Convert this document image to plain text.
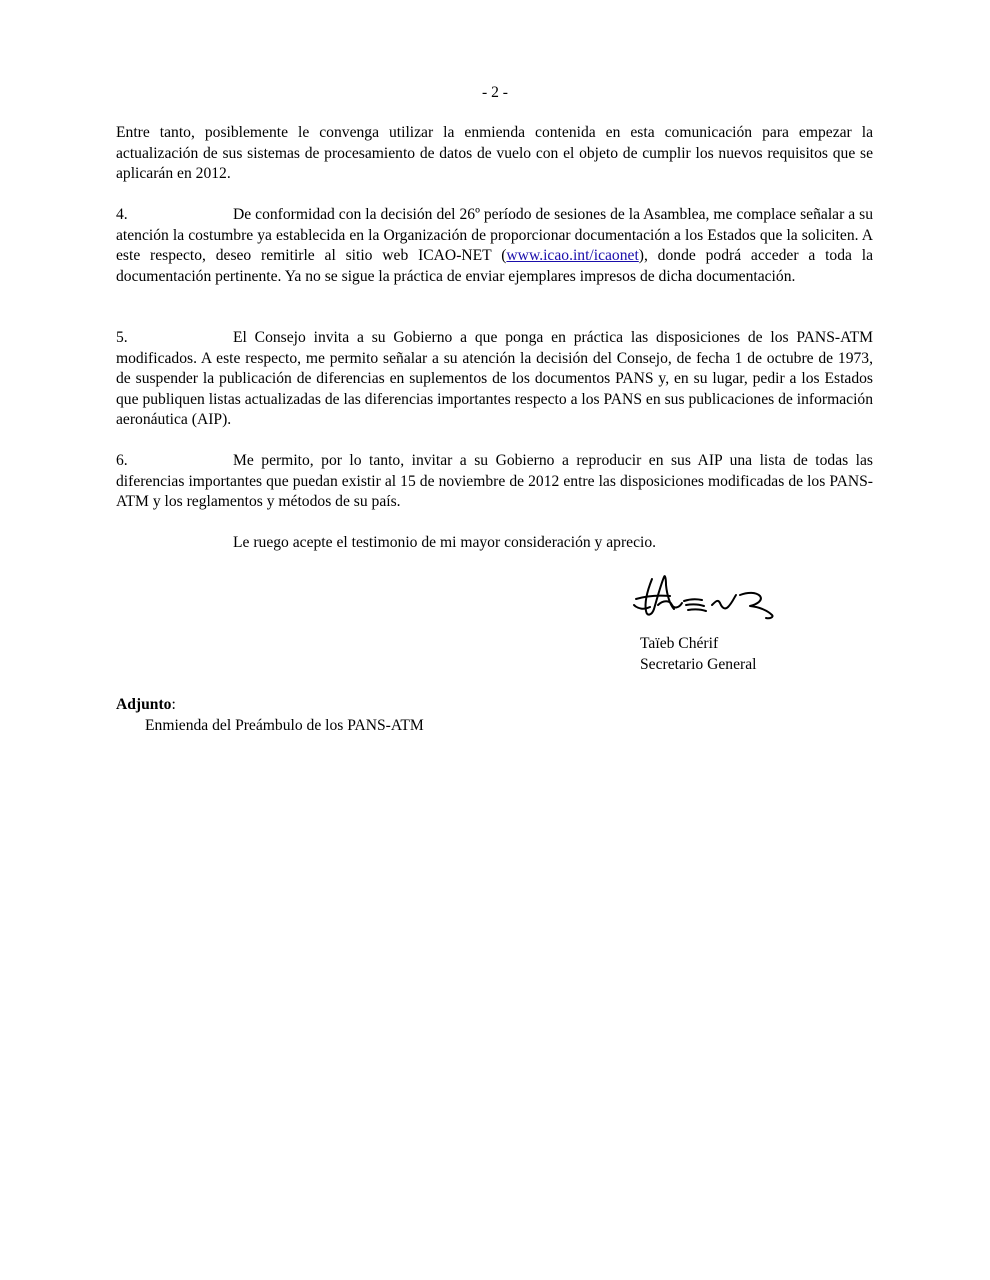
- 2 -

Entre tanto, posiblemente le convenga utilizar la enmienda contenida en esta comunicación para empezar la actualización de sus sistemas de procesamiento de datos de vuelo con el objeto de cumplir los nuevos requisitos que se aplicarán en 2012.

4.	De conformidad con la decisión del 26º período de sesiones de la Asamblea, me complace señalar a su atención la costumbre ya establecida en la Organización de proporcionar documentación a los Estados que la soliciten. A este respecto, deseo remitirle al sitio web ICAO-NET (www.icao.int/icaonet), donde podrá acceder a toda la documentación pertinente. Ya no se sigue la práctica de enviar ejemplares impresos de dicha documentación.

5.	El Consejo invita a su Gobierno a que ponga en práctica las disposiciones de los PANS-ATM modificados. A este respecto, me permito señalar a su atención la decisión del Consejo, de fecha 1 de octubre de 1973, de suspender la publicación de diferencias en suplementos de los documentos PANS y, en su lugar, pedir a los Estados que publiquen listas actualizadas de las diferencias importantes respecto a los PANS en sus publicaciones de información aeronáutica (AIP).

6.	Me permito, por lo tanto, invitar a su Gobierno a reproducir en sus AIP una lista de todas las diferencias importantes que puedan existir al 15 de noviembre de 2012 entre las disposiciones modificadas de los PANS-ATM y los reglamentos y métodos de su país.

Le ruego acepte el testimonio de mi mayor consideración y aprecio.
Taïeb Chérif
Secretario General
Adjunto:
Enmienda del Preámbulo de los PANS-ATM
